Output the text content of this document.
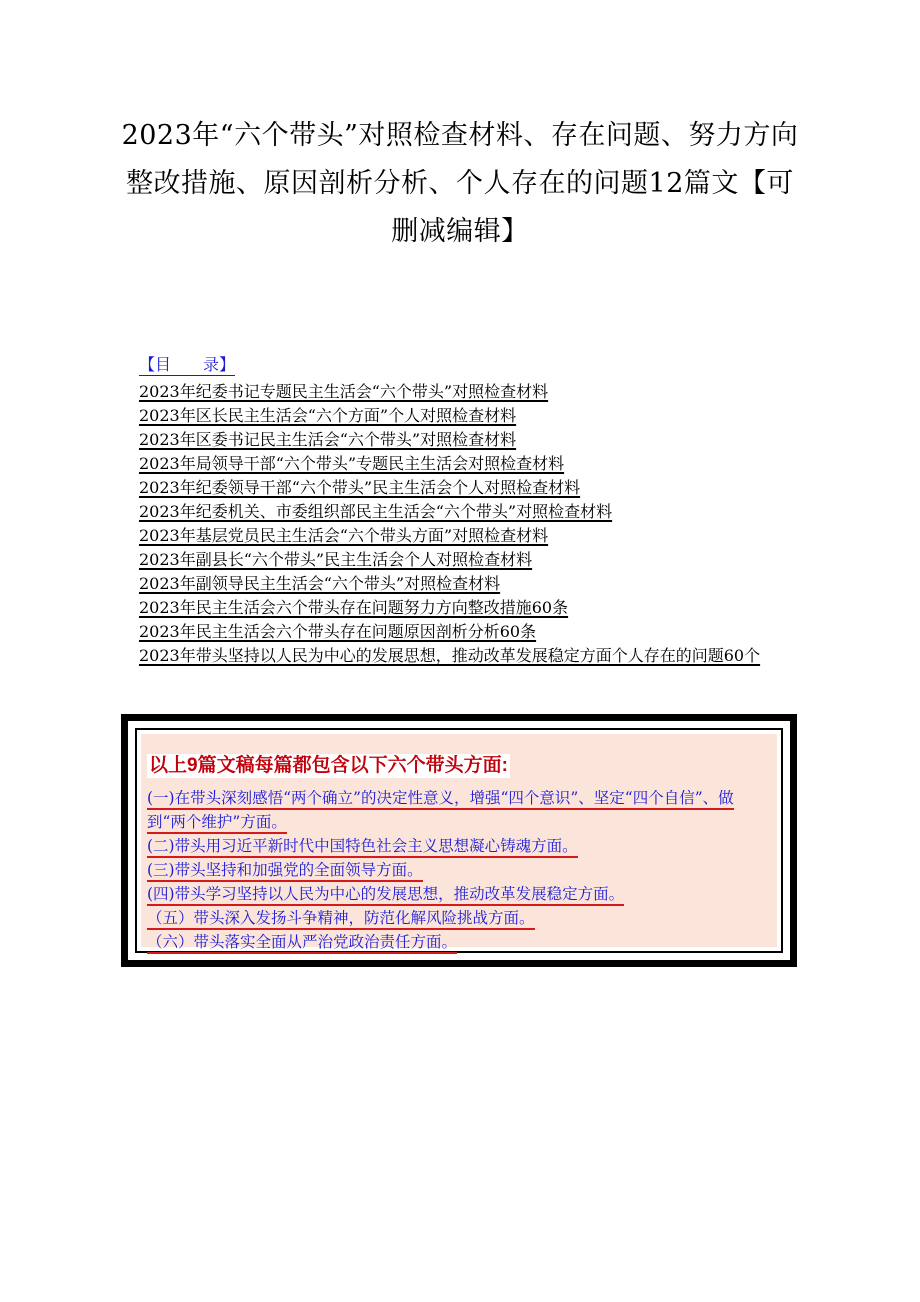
.cn
2023年“六个带头”对照检查材料、存在问题、努力方向整改措施、原因剖析分析、个人存在的问题12篇文【可删减编辑】
【目　　录】
2023年纪委书记专题民主生活会“六个带头”对照检查材料
2023年区长民主生活会“六个方面”个人对照检查材料
2023年区委书记民主生活会“六个带头”对照检查材料
2023年局领导干部“六个带头”专题民主生活会对照检查材料
2023年纪委领导干部“六个带头”民主生活会个人对照检查材料
2023年纪委机关、市委组织部民主生活会“六个带头”对照检查材料
2023年基层党员民主生活会“六个带头方面”对照检查材料
2023年副县长“六个带头”民主生活会个人对照检查材料
2023年副领导民主生活会“六个带头”对照检查材料
2023年民主生活会六个带头存在问题努力方向整改措施60条
2023年民主生活会六个带头存在问题原因剖析分析60条
2023年带头坚持以人民为中心的发展思想，推动改革发展稳定方面个人存在的问题60个
以上9篇文稿每篇都包含以下六个带头方面:
(一)在带头深刻感悟“两个确立”的决定性意义，增强“四个意识”、坚定“四个自信”、做到“两个维护”方面。
(二)带头用习近平新时代中国特色社会主义思想凝心铸魂方面。
(三)带头坚持和加强党的全面领导方面。
(四)带头学习坚持以人民为中心的发展思想，推动改革发展稳定方面。
（五）带头深入发扬斗争精神，防范化解风险挑战方面。
（六）带头落实全面从严治党政治责任方面。
